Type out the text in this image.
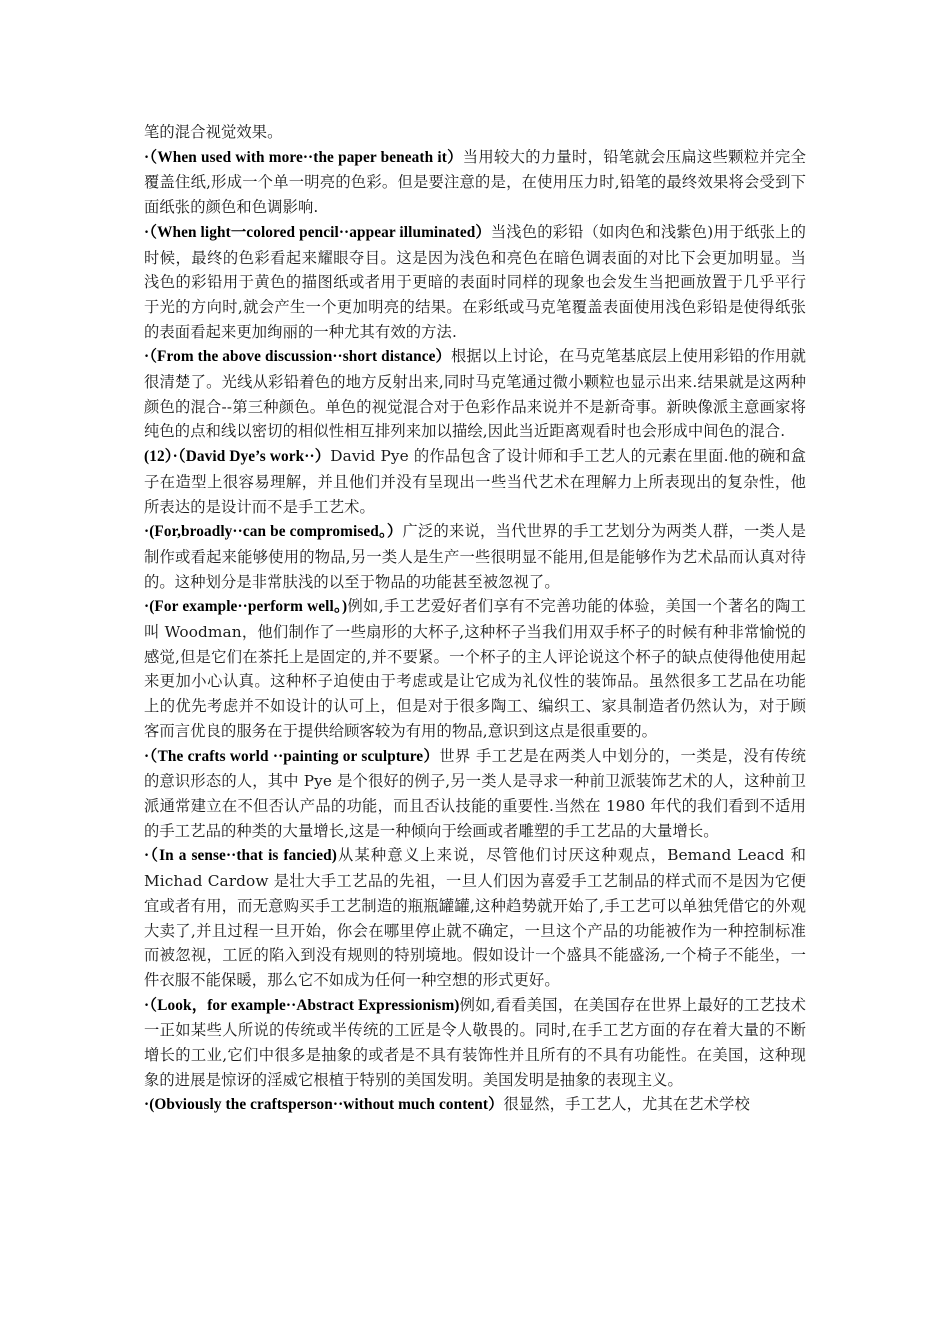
笔的混合视觉效果。

·（When used with more··the paper beneath it）当用较大的力量时，铅笔就会压扁这些颗粒并完全覆盖住纸,形成一个单一明亮的色彩。但是要注意的是，在使用压力时,铅笔的最终效果将会受到下面纸张的颜色和色调影响.

·（When light一colored pencil··appear illuminated）当浅色的彩铅（如肉色和浅紫色)用于纸张上的时候，最终的色彩看起来耀眼夺目。这是因为浅色和亮色在暗色调表面的对比下会更加明显。当浅色的彩铅用于黄色的描图纸或者用于更暗的表面时同样的现象也会发生当把画放置于几乎平行于光的方向时,就会产生一个更加明亮的结果。在彩纸或马克笔覆盖表面使用浅色彩铅是使得纸张的表面看起来更加绚丽的一种尤其有效的方法.

·（From the above discussion··short distance）根据以上讨论，在马克笔基底层上使用彩铅的作用就很清楚了。光线从彩铅着色的地方反射出来,同时马克笔通过微小颗粒也显示出来.结果就是这两种颜色的混合--第三种颜色。单色的视觉混合对于色彩作品来说并不是新奇事。新映像派主意画家将纯色的点和线以密切的相似性相互排列来加以描绘,因此当近距离观看时也会形成中间色的混合.

(12）·（David Dye’s work··）David Pye 的作品包含了设计师和手工艺人的元素在里面.他的碗和盒子在造型上很容易理解，并且他们并没有呈现出一些当代艺术在理解力上所表现出的复杂性，他所表达的是设计而不是手工艺术。

·(For,broadly··can be compromised。）广泛的来说，当代世界的手工艺划分为两类人群，一类人是制作或看起来能够使用的物品,另一类人是生产一些很明显不能用,但是能够作为艺术品而认真对待的。这种划分是非常肤浅的以至于物品的功能甚至被忽视了。

·(For example··perform well。)例如,手工艺爱好者们享有不完善功能的体验，美国一个著名的陶工叫 Woodman，他们制作了一些扇形的大杯子,这种杯子当我们用双手杯子的时候有种非常愉悦的感觉,但是它们在茶托上是固定的,并不要紧。一个杯子的主人评论说这个杯子的缺点使得他使用起来更加小心认真。这种杯子迫使由于考虑或是让它成为礼仪性的装饰品。虽然很多工艺品在功能上的优先考虑并不如设计的认可上，但是对于很多陶工、编织工、家具制造者仍然认为，对于顾客而言优良的服务在于提供给顾客较为有用的物品,意识到这点是很重要的。

·（The crafts world ··painting or sculpture）世界 手工艺是在两类人中划分的，一类是，没有传统的意识形态的人，其中 Pye 是个很好的例子,另一类人是寻求一种前卫派装饰艺术的人，这种前卫派通常建立在不但否认产品的功能，而且否认技能的重要性.当然在 1980 年代的我们看到不适用的手工艺品的种类的大量增长,这是一种倾向于绘画或者雕塑的手工艺品的大量增长。

·（In a sense··that is fancied)从某种意义上来说，尽管他们讨厌这种观点，Bemand Leacd 和 Michad Cardow 是壮大手工艺品的先祖，一旦人们因为喜爱手工艺制品的样式而不是因为它便宜或者有用，而无意购买手工艺制造的瓶瓶罐罐,这种趋势就开始了,手工艺可以单独凭借它的外观大卖了,并且过程一旦开始，你会在哪里停止就不确定，一旦这个产品的功能被作为一种控制标准而被忽视，工匠的陷入到没有规则的特别境地。假如设计一个盛具不能盛汤,一个椅子不能坐，一件衣服不能保暖，那么它不如成为任何一种空想的形式更好。

·（Look，for example··Abstract Expressionism)例如,看看美国，在美国存在世界上最好的工艺技术一正如某些人所说的传统或半传统的工匠是令人敬畏的。同时,在手工艺方面的存在着大量的不断增长的工业,它们中很多是抽象的或者是不具有装饰性并且所有的不具有功能性。在美国，这种现象的进展是惊讶的淫威它根植于特别的美国发明。美国发明是抽象的表现主义。

·(Obviously the craftsperson··without much content）很显然，手工艺人，尤其在艺术学校
